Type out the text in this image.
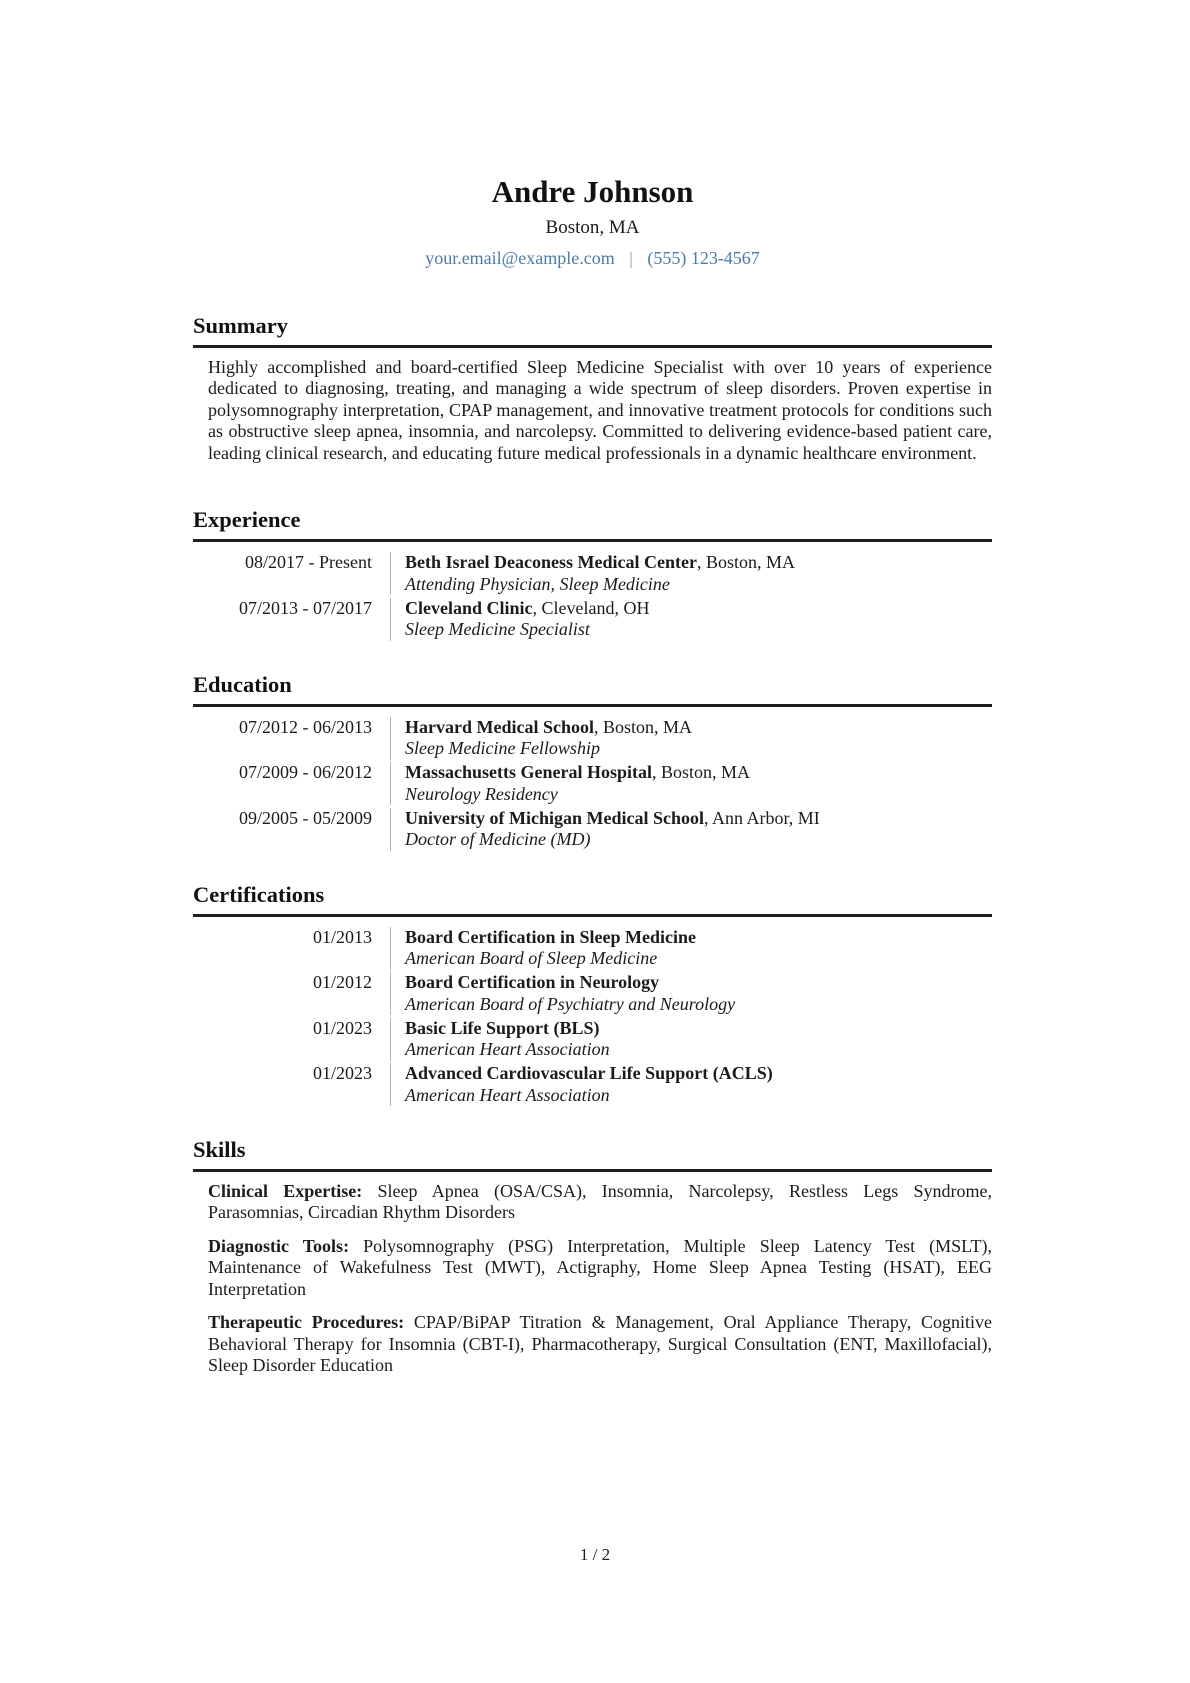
Andre Johnson
Boston, MA
your.email@example.com | (555) 123-4567
Summary

Highly accomplished and board-certified Sleep Medicine Specialist with over 10 years of experience dedicated to diagnosing, treating, and managing a wide spectrum of sleep disorders. Proven expertise in polysomnography interpretation, CPAP management, and innovative treatment protocols for conditions such as obstructive sleep apnea, insomnia, and narcolepsy. Committed to delivering evidence-based patient care, leading clinical research, and educating future medical professionals in a dynamic healthcare environment.

Experience
08/2017 - Present	Beth Israel Deaconess Medical Center, Boston, MA
Attending Physician, Sleep Medicine
07/2013 - 07/2017	Cleveland Clinic, Cleveland, OH
Sleep Medicine Specialist
Education
07/2012 - 06/2013	Harvard Medical School, Boston, MA
Sleep Medicine Fellowship
07/2009 - 06/2012	Massachusetts General Hospital, Boston, MA
Neurology Residency
09/2005 - 05/2009	University of Michigan Medical School, Ann Arbor, MI
Doctor of Medicine (MD)
Certifications
01/2013	Board Certification in Sleep Medicine
American Board of Sleep Medicine
01/2012	Board Certification in Neurology
American Board of Psychiatry and Neurology
01/2023	Basic Life Support (BLS)
American Heart Association
01/2023	Advanced Cardiovascular Life Support (ACLS)
American Heart Association
Skills

Clinical Expertise: Sleep Apnea (OSA/CSA), Insomnia, Narcolepsy, Restless Legs Syndrome, Parasomnias, Circadian Rhythm Disorders

Diagnostic Tools: Polysomnography (PSG) Interpretation, Multiple Sleep Latency Test (MSLT), Maintenance of Wakefulness Test (MWT), Actigraphy, Home Sleep Apnea Testing (HSAT), EEG Interpretation

Therapeutic Procedures: CPAP/BiPAP Titration & Management, Oral Appliance Therapy, Cognitive Behavioral Therapy for Insomnia (CBT-I), Pharmacotherapy, Surgical Consultation (ENT, Maxillofacial), Sleep Disorder Education

1 / 2
